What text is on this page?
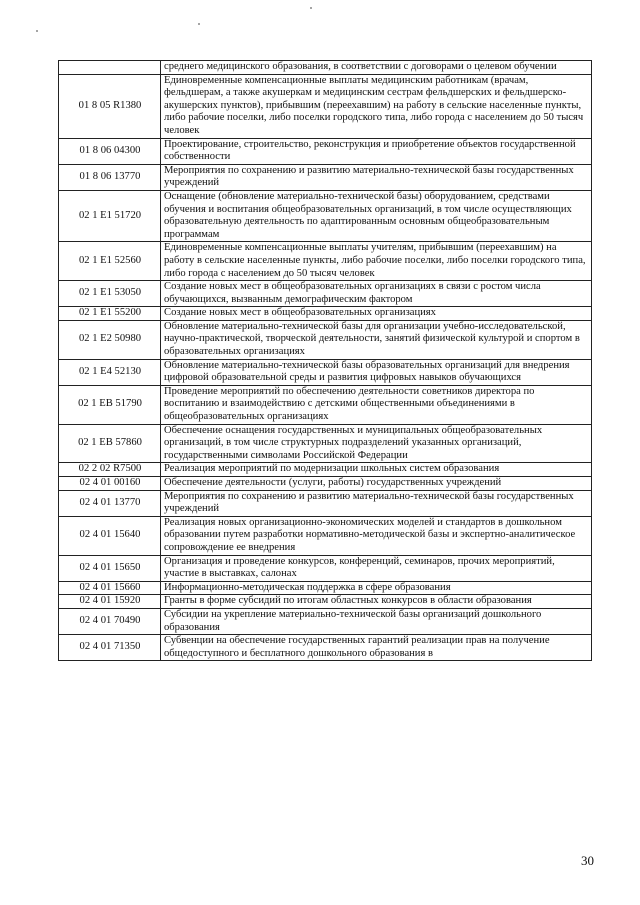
	среднего медицинского образования, в соответствии с договорами о целевом обучении
01 8 05 R1380	Единовременные компенсационные выплаты медицинским работникам (врачам, фельдшерам, а также акушеркам и медицинским сестрам фельдшерских и фельдшерско-акушерских пунктов), прибывшим (переехавшим) на работу в сельские населенные пункты, либо рабочие поселки, либо поселки городского типа, либо города с населением до 50 тысяч человек
01 8 06 04300	Проектирование, строительство, реконструкция и приобретение объектов государственной собственности
01 8 06 13770	Мероприятия по сохранению и развитию материально-технической базы государственных учреждений
02 1 E1 51720	Оснащение (обновление материально-технической базы) оборудованием, средствами обучения и воспитания общеобразовательных организаций, в том числе осуществляющих образовательную деятельность по адаптированным основным общеобразовательным программам
02 1 E1 52560	Единовременные компенсационные выплаты учителям, прибывшим (переехавшим) на работу в сельские населенные пункты, либо рабочие поселки, либо поселки городского типа, либо города с населением до 50 тысяч человек
02 1 E1 53050	Создание новых мест в общеобразовательных организациях в связи с ростом числа обучающихся, вызванным демографическим фактором
02 1 E1 55200	Создание новых мест в общеобразовательных организациях
02 1 E2 50980	Обновление материально-технической базы для организации учебно-исследовательской, научно-практической, творческой деятельности, занятий физической культурой и спортом в образовательных организациях
02 1 E4 52130	Обновление материально-технической базы образовательных организаций для внедрения цифровой образовательной среды и развития цифровых навыков обучающихся
02 1 EB 51790	Проведение мероприятий по обеспечению деятельности советников директора по воспитанию и взаимодействию с детскими общественными объединениями в общеобразовательных организациях
02 1 EB 57860	Обеспечение оснащения государственных и муниципальных общеобразовательных организаций, в том числе структурных подразделений указанных организаций, государственными символами Российской Федерации
02 2 02 R7500	Реализация мероприятий по модернизации школьных систем образования
02 4 01 00160	Обеспечение деятельности (услуги, работы) государственных учреждений
02 4 01 13770	Мероприятия по сохранению и развитию материально-технической базы государственных учреждений
02 4 01 15640	Реализация новых организационно-экономических моделей и стандартов в дошкольном образовании путем разработки нормативно-методической базы и экспертно-аналитическое сопровождение ее внедрения
02 4 01 15650	Организация и проведение конкурсов, конференций, семинаров, прочих мероприятий, участие в выставках, салонах
02 4 01 15660	Информационно-методическая поддержка в сфере образования
02 4 01 15920	Гранты в форме субсидий по итогам областных конкурсов в области образования
02 4 01 70490	Субсидии на укрепление материально-технической базы организаций дошкольного образования
02 4 01 71350	Субвенции на обеспечение государственных гарантий реализации прав на получение общедоступного и бесплатного дошкольного образования в
30
